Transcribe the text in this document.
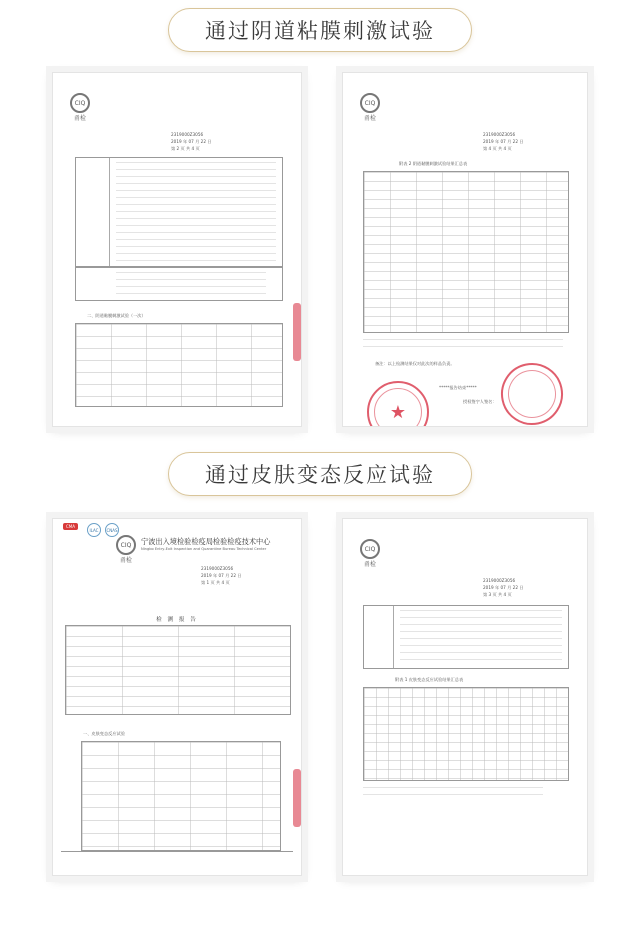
通过阴道粘膜刺激试验
通过皮肤变态反应试验
CIQ
甬检
2319000Z3056
2019 年 07 月 22 日
第 2 页 共 4 页
二、阴道黏膜刺激试验（一次）
CIQ
甬检
2319000Z3056
2019 年 07 月 22 日
第 4 页 共 4 页
附表 2 阴道黏膜刺激试验结果汇总表
备注：以上检测结果仅对此次的样品负责。
*****报告结束*****
★	授权签字人签名：
CMA
ILAC	CNAS
CIQ
甬检
宁波出入境检验检疫局检验检疫技术中心
Ningbo Entry-Exit Inspection and Quarantine Bureau Technical Center
2319000Z3056
2019 年 07 月 22 日
第 1 页 共 4 页
检 测 报 告
一、皮肤变态反应试验
CIQ
甬检
2319000Z3056
2019 年 07 月 22 日
第 3 页 共 4 页
附表 1 皮肤变态反应试验结果汇总表
